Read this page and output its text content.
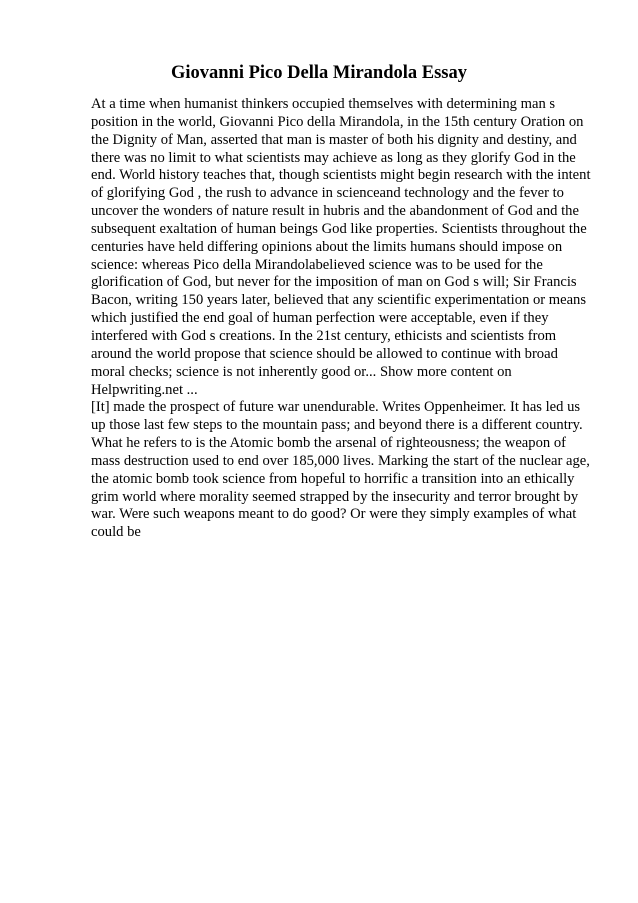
Giovanni Pico Della Mirandola Essay
At a time when humanist thinkers occupied themselves with determining man s
position in the world, Giovanni Pico della Mirandola, in the 15th century Oration on
the Dignity of Man, asserted that man is master of both his dignity and destiny, and
there was no limit to what scientists may achieve as long as they glorify God in the
end. World history teaches that, though scientists might begin research with the intent
of glorifying God , the rush to advance in scienceand technology and the fever to
uncover the wonders of nature result in hubris and the abandonment of God and the
subsequent exaltation of human beings God like properties. Scientists throughout the
centuries have held differing opinions about the limits humans should impose on
science: whereas Pico della Mirandolabelieved science was to be used for the
glorification of God, but never for the imposition of man on God s will; Sir Francis
Bacon, writing 150 years later, believed that any scientific experimentation or means
which justified the end goal of human perfection were acceptable, even if they
interfered with God s creations. In the 21st century, ethicists and scientists from
around the world propose that science should be allowed to continue with broad
moral checks; science is not inherently good or... Show more content on
Helpwriting.net ...
[It] made the prospect of future war unendurable. Writes Oppenheimer. It has led us
up those last few steps to the mountain pass; and beyond there is a different country.
What he refers to is the Atomic bomb the arsenal of righteousness; the weapon of
mass destruction used to end over 185,000 lives. Marking the start of the nuclear age,
the atomic bomb took science from hopeful to horrific a transition into an ethically
grim world where morality seemed strapped by the insecurity and terror brought by
war. Were such weapons meant to do good? Or were they simply examples of what
could be
